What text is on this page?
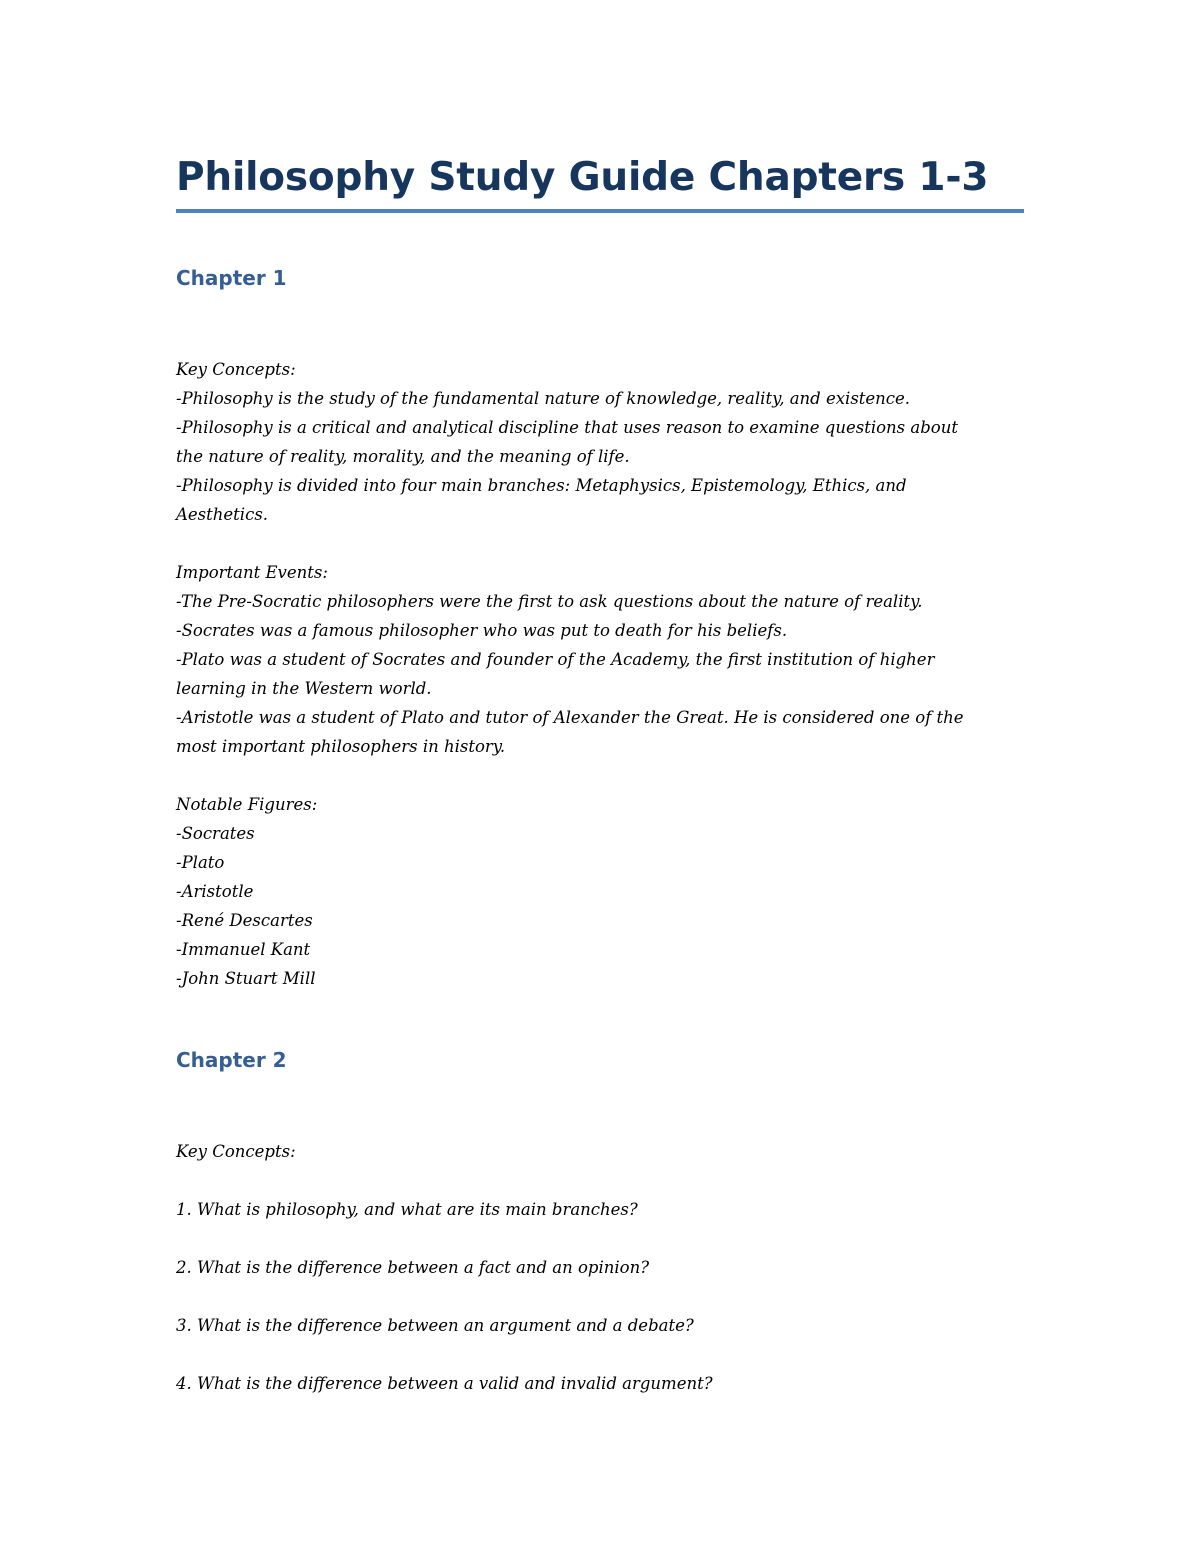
Philosophy Study Guide Chapters 1-3
Chapter 1
Key Concepts:
-Philosophy is the study of the fundamental nature of knowledge, reality, and existence.
-Philosophy is a critical and analytical discipline that uses reason to examine questions about
the nature of reality, morality, and the meaning of life.
-Philosophy is divided into four main branches: Metaphysics, Epistemology, Ethics, and
Aesthetics.
Important Events:
-The Pre-Socratic philosophers were the first to ask questions about the nature of reality.
-Socrates was a famous philosopher who was put to death for his beliefs.
-Plato was a student of Socrates and founder of the Academy, the first institution of higher
learning in the Western world.
-Aristotle was a student of Plato and tutor of Alexander the Great. He is considered one of the
most important philosophers in history.
Notable Figures:
-Socrates
-Plato
-Aristotle
-René Descartes
-Immanuel Kant
-John Stuart Mill
Chapter 2
Key Concepts:
1. What is philosophy, and what are its main branches?
2. What is the difference between a fact and an opinion?
3. What is the difference between an argument and a debate?
4. What is the difference between a valid and invalid argument?
